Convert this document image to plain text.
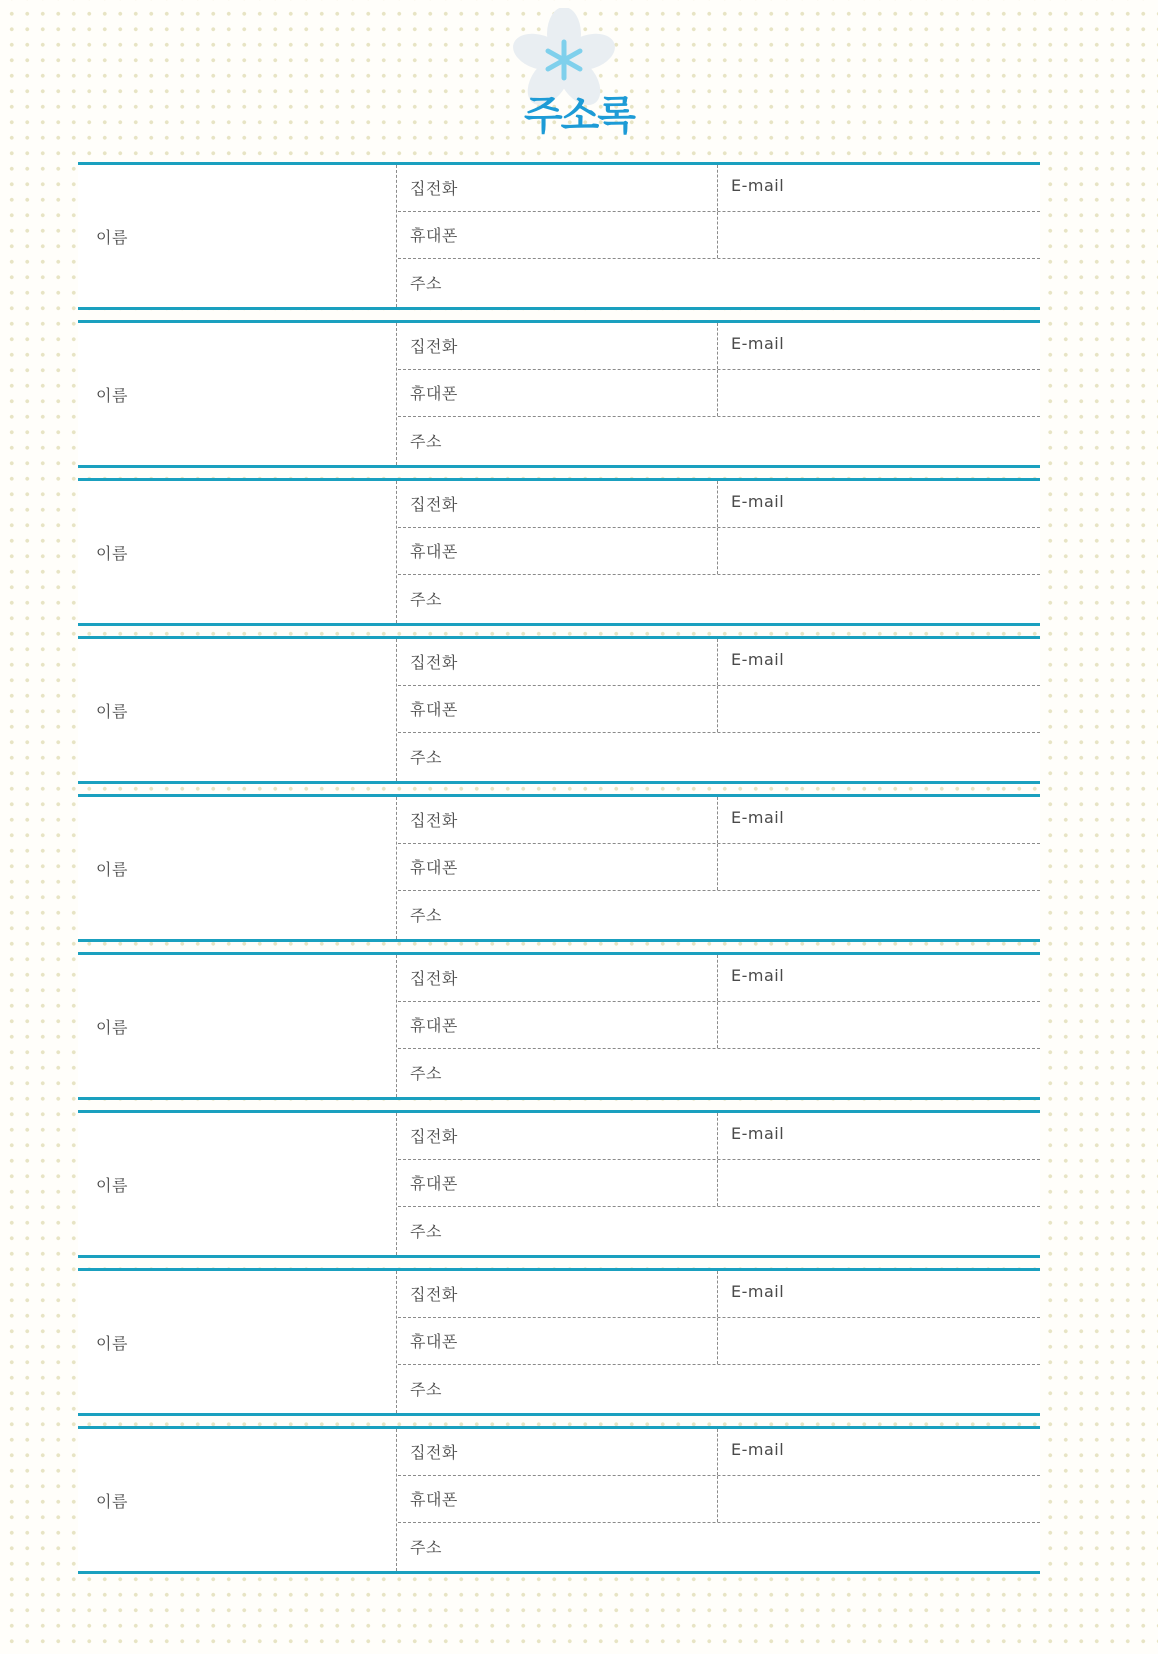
주소록
이름
집전화	E-mail
휴대폰
주소
이름
집전화	E-mail
휴대폰
주소
이름
집전화	E-mail
휴대폰
주소
이름
집전화	E-mail
휴대폰
주소
이름
집전화	E-mail
휴대폰
주소
이름
집전화	E-mail
휴대폰
주소
이름
집전화	E-mail
휴대폰
주소
이름
집전화	E-mail
휴대폰
주소
이름
집전화	E-mail
휴대폰
주소
